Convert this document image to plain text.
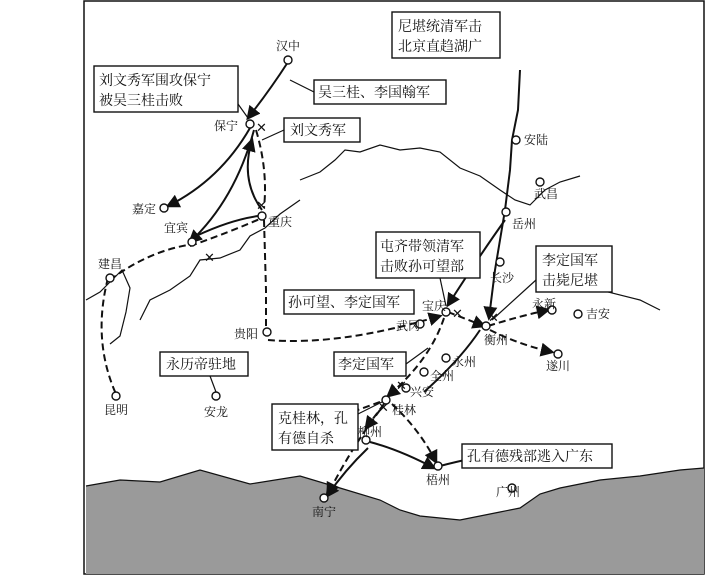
✕
✕
✕
✕ ✕
✕
✕
汉中
保宁
嘉定
宜宾	重庆
建昌
昆明
贵阳
安龙
安陆
武昌
岳州
长沙
宝庆
武冈
衡州
永新
吉安
遂川
永州
全州
兴安
桂林
柳州
梧州
南宁
广州
尼堪统清军击
北京直趋湖广
刘文秀军围攻保宁
被吴三桂击败	吴三桂、李国翰军
刘文秀军
屯齐带领清军
击败孙可望部	李定国军
击毙尼堪
孙可望、李定国军
李定国军
永历帝驻地
克桂林，孔
有德自杀
孔有德残部逃入广东
